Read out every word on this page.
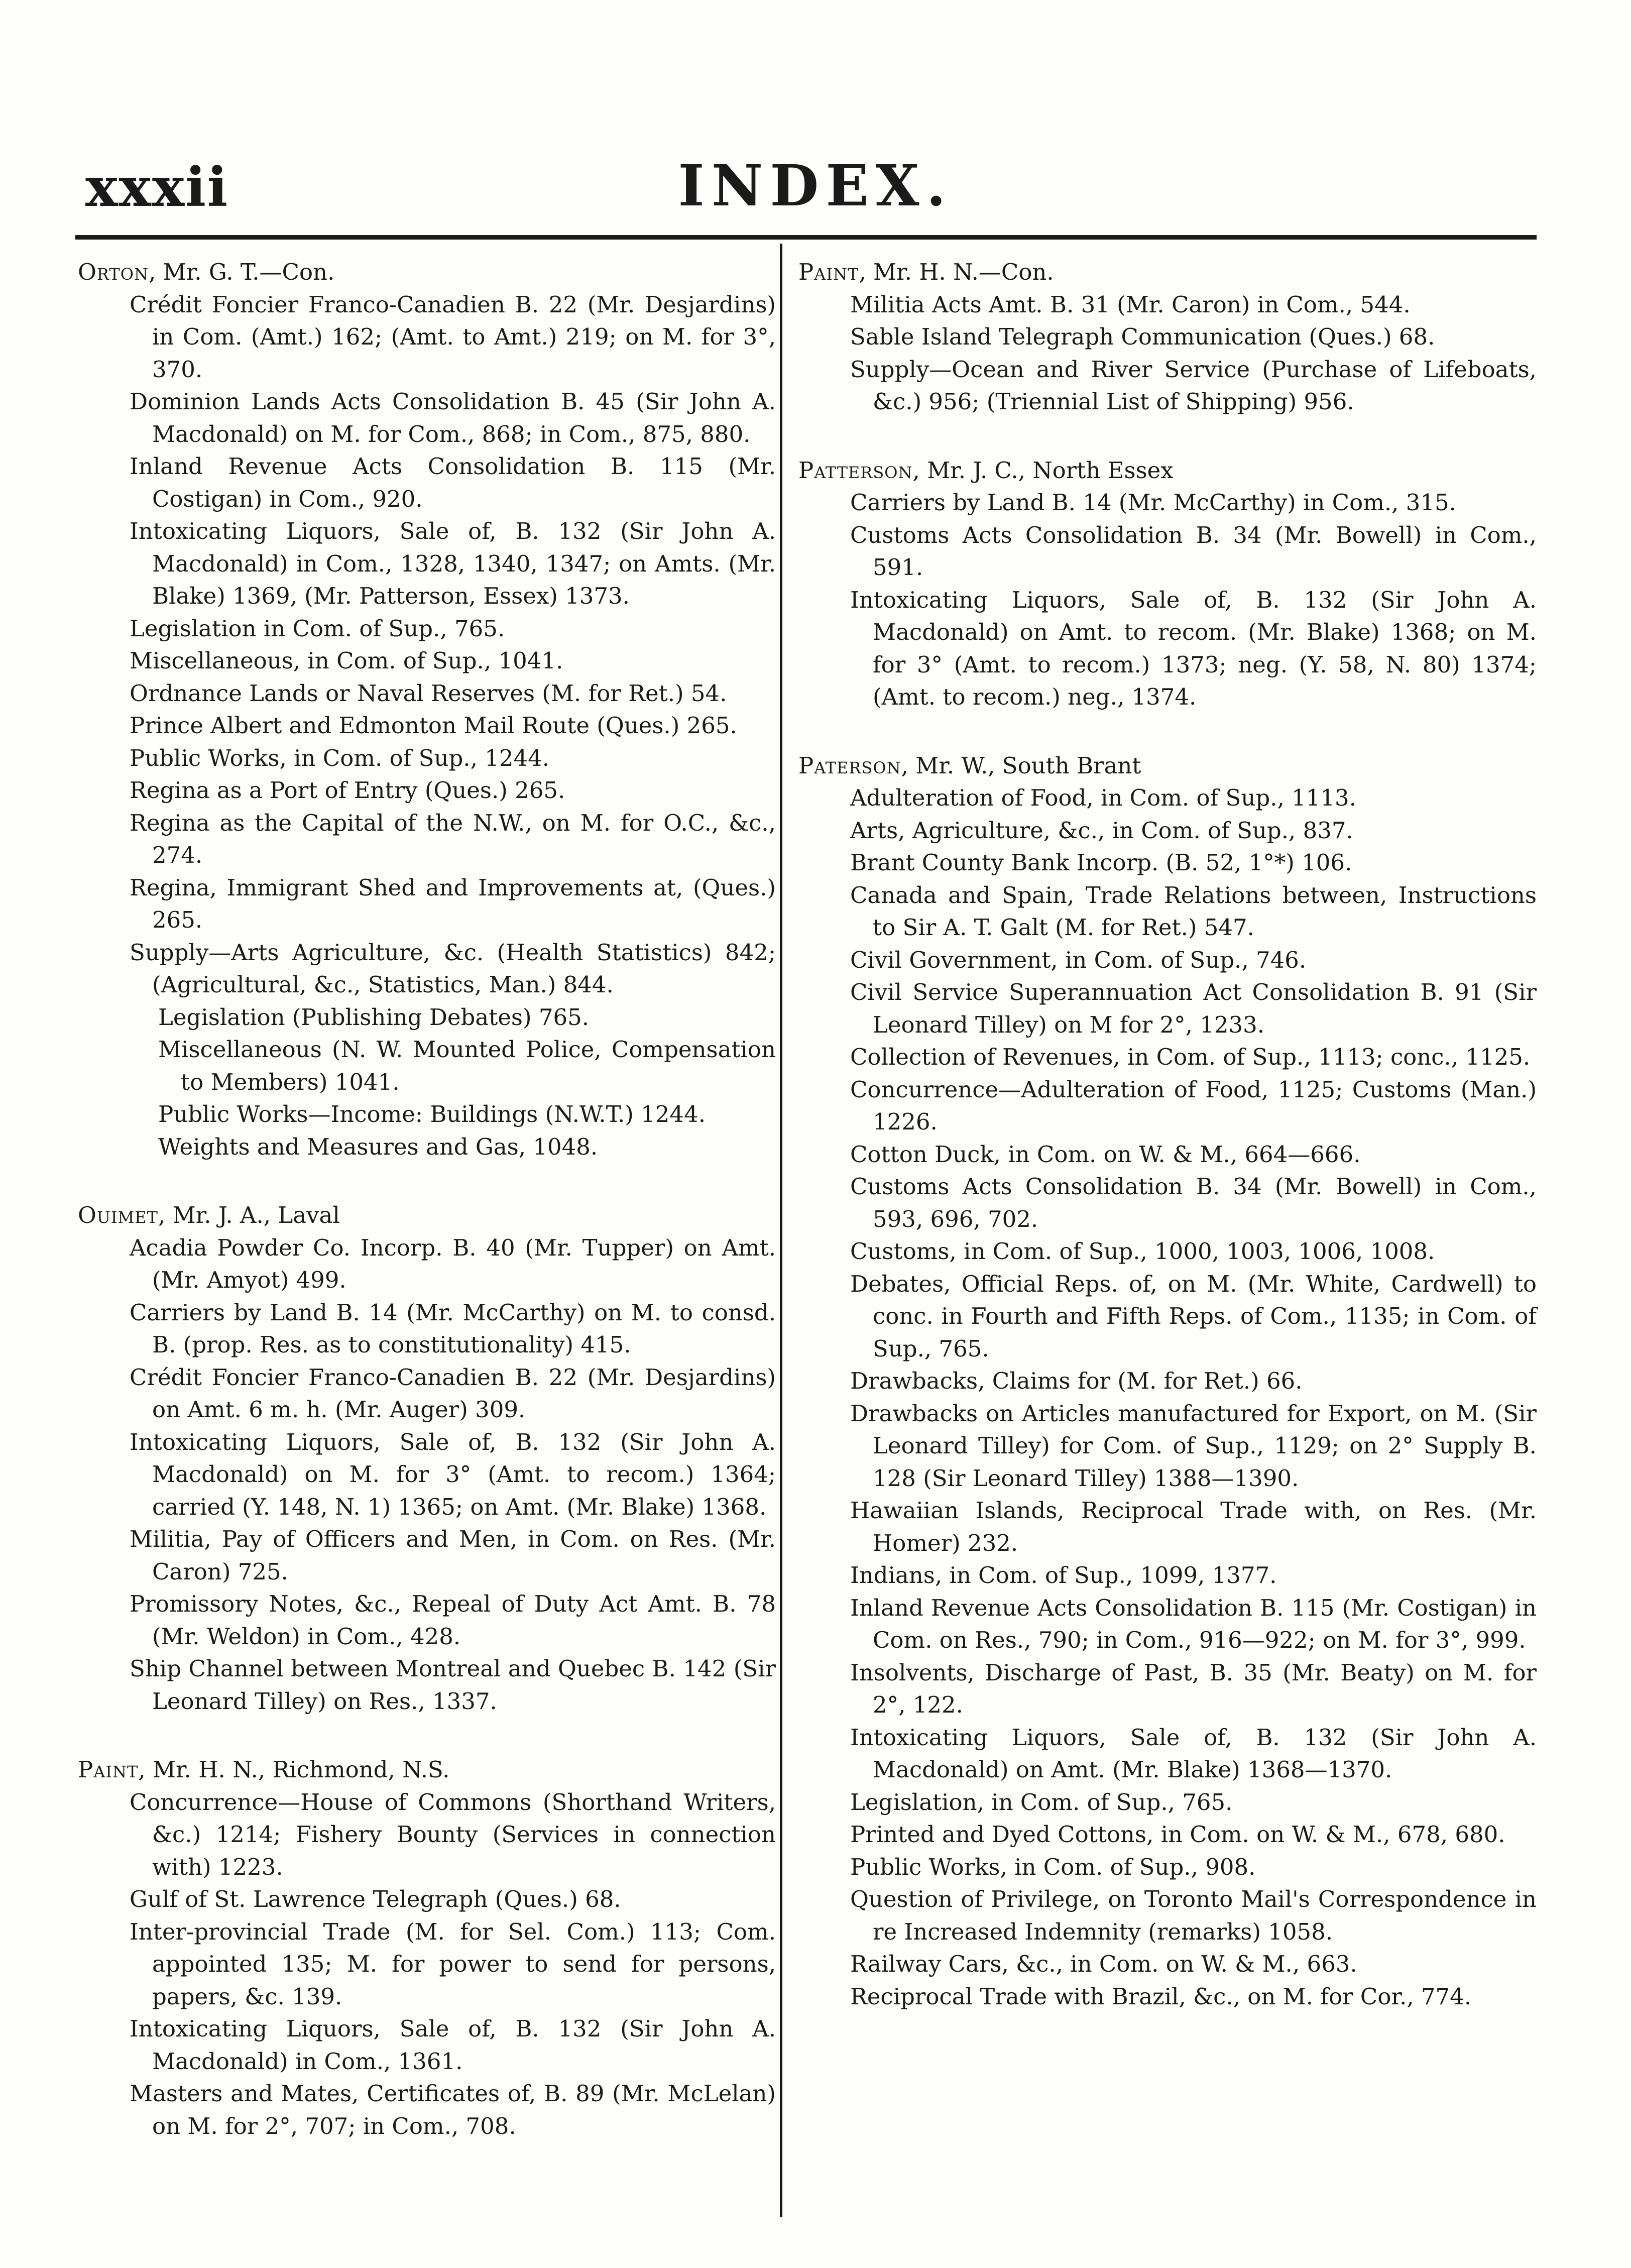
xxxii	INDEX.

Orton, Mr. G. T.—Con.

Crédit Foncier Franco-Canadien B. 22 (Mr. Desjardins) in Com. (Amt.) 162; (Amt. to Amt.) 219; on M. for 3°, 370.

Dominion Lands Acts Consolidation B. 45 (Sir John A. Macdonald) on M. for Com., 868; in Com., 875, 880.

Inland Revenue Acts Consolidation B. 115 (Mr. Costigan) in Com., 920.

Intoxicating Liquors, Sale of, B. 132 (Sir John A. Macdonald) in Com., 1328, 1340, 1347; on Amts. (Mr. Blake) 1369, (Mr. Patterson, Essex) 1373.

Legislation in Com. of Sup., 765.

Miscellaneous, in Com. of Sup., 1041.

Ordnance Lands or Naval Reserves (M. for Ret.) 54.

Prince Albert and Edmonton Mail Route (Ques.) 265.

Public Works, in Com. of Sup., 1244.

Regina as a Port of Entry (Ques.) 265.

Regina as the Capital of the N.W., on M. for O.C., &c., 274.

Regina, Immigrant Shed and Improvements at, (Ques.) 265.

Supply—Arts Agriculture, &c. (Health Statistics) 842; (Agricultural, &c., Statistics, Man.) 844.

Legislation (Publishing Debates) 765.

Miscellaneous (N. W. Mounted Police, Compensation to Members) 1041.

Public Works—Income: Buildings (N.W.T.) 1244.

Weights and Measures and Gas, 1048.

Ouimet, Mr. J. A., Laval

Acadia Powder Co. Incorp. B. 40 (Mr. Tupper) on Amt. (Mr. Amyot) 499.

Carriers by Land B. 14 (Mr. McCarthy) on M. to consd. B. (prop. Res. as to constitutionality) 415.

Crédit Foncier Franco-Canadien B. 22 (Mr. Desjardins) on Amt. 6 m. h. (Mr. Auger) 309.

Intoxicating Liquors, Sale of, B. 132 (Sir John A. Macdonald) on M. for 3° (Amt. to recom.) 1364; carried (Y. 148, N. 1) 1365; on Amt. (Mr. Blake) 1368.

Militia, Pay of Officers and Men, in Com. on Res. (Mr. Caron) 725.

Promissory Notes, &c., Repeal of Duty Act Amt. B. 78 (Mr. Weldon) in Com., 428.

Ship Channel between Montreal and Quebec B. 142 (Sir Leonard Tilley) on Res., 1337.

Paint, Mr. H. N., Richmond, N.S.

Concurrence—House of Commons (Shorthand Writers, &c.) 1214; Fishery Bounty (Services in connection with) 1223.

Gulf of St. Lawrence Telegraph (Ques.) 68.

Inter-provincial Trade (M. for Sel. Com.) 113; Com. appointed 135; M. for power to send for persons, papers, &c. 139.

Intoxicating Liquors, Sale of, B. 132 (Sir John A. Macdonald) in Com., 1361.

Masters and Mates, Certificates of, B. 89 (Mr. McLelan) on M. for 2°, 707; in Com., 708.

Paint, Mr. H. N.—Con.

Militia Acts Amt. B. 31 (Mr. Caron) in Com., 544.

Sable Island Telegraph Communication (Ques.) 68.

Supply—Ocean and River Service (Purchase of Lifeboats, &c.) 956; (Triennial List of Shipping) 956.

Patterson, Mr. J. C., North Essex

Carriers by Land B. 14 (Mr. McCarthy) in Com., 315.

Customs Acts Consolidation B. 34 (Mr. Bowell) in Com., 591.

Intoxicating Liquors, Sale of, B. 132 (Sir John A. Macdonald) on Amt. to recom. (Mr. Blake) 1368; on M. for 3° (Amt. to recom.) 1373; neg. (Y. 58, N. 80) 1374; (Amt. to recom.) neg., 1374.

Paterson, Mr. W., South Brant

Adulteration of Food, in Com. of Sup., 1113.

Arts, Agriculture, &c., in Com. of Sup., 837.

Brant County Bank Incorp. (B. 52, 1°*) 106.

Canada and Spain, Trade Relations between, Instructions to Sir A. T. Galt (M. for Ret.) 547.

Civil Government, in Com. of Sup., 746.

Civil Service Superannuation Act Consolidation B. 91 (Sir Leonard Tilley) on M for 2°, 1233.

Collection of Revenues, in Com. of Sup., 1113; conc., 1125.

Concurrence—Adulteration of Food, 1125; Customs (Man.) 1226.

Cotton Duck, in Com. on W. & M., 664—666.

Customs Acts Consolidation B. 34 (Mr. Bowell) in Com., 593, 696, 702.

Customs, in Com. of Sup., 1000, 1003, 1006, 1008.

Debates, Official Reps. of, on M. (Mr. White, Cardwell) to conc. in Fourth and Fifth Reps. of Com., 1135; in Com. of Sup., 765.

Drawbacks, Claims for (M. for Ret.) 66.

Drawbacks on Articles manufactured for Export, on M. (Sir Leonard Tilley) for Com. of Sup., 1129; on 2° Supply B. 128 (Sir Leonard Tilley) 1388—1390.

Hawaiian Islands, Reciprocal Trade with, on Res. (Mr. Homer) 232.

Indians, in Com. of Sup., 1099, 1377.

Inland Revenue Acts Consolidation B. 115 (Mr. Costigan) in Com. on Res., 790; in Com., 916—922; on M. for 3°, 999.

Insolvents, Discharge of Past, B. 35 (Mr. Beaty) on M. for 2°, 122.

Intoxicating Liquors, Sale of, B. 132 (Sir John A. Macdonald) on Amt. (Mr. Blake) 1368—1370.

Legislation, in Com. of Sup., 765.

Printed and Dyed Cottons, in Com. on W. & M., 678, 680.

Public Works, in Com. of Sup., 908.

Question of Privilege, on Toronto Mail's Correspondence in re Increased Indemnity (remarks) 1058.

Railway Cars, &c., in Com. on W. & M., 663.

Reciprocal Trade with Brazil, &c., on M. for Cor., 774.
